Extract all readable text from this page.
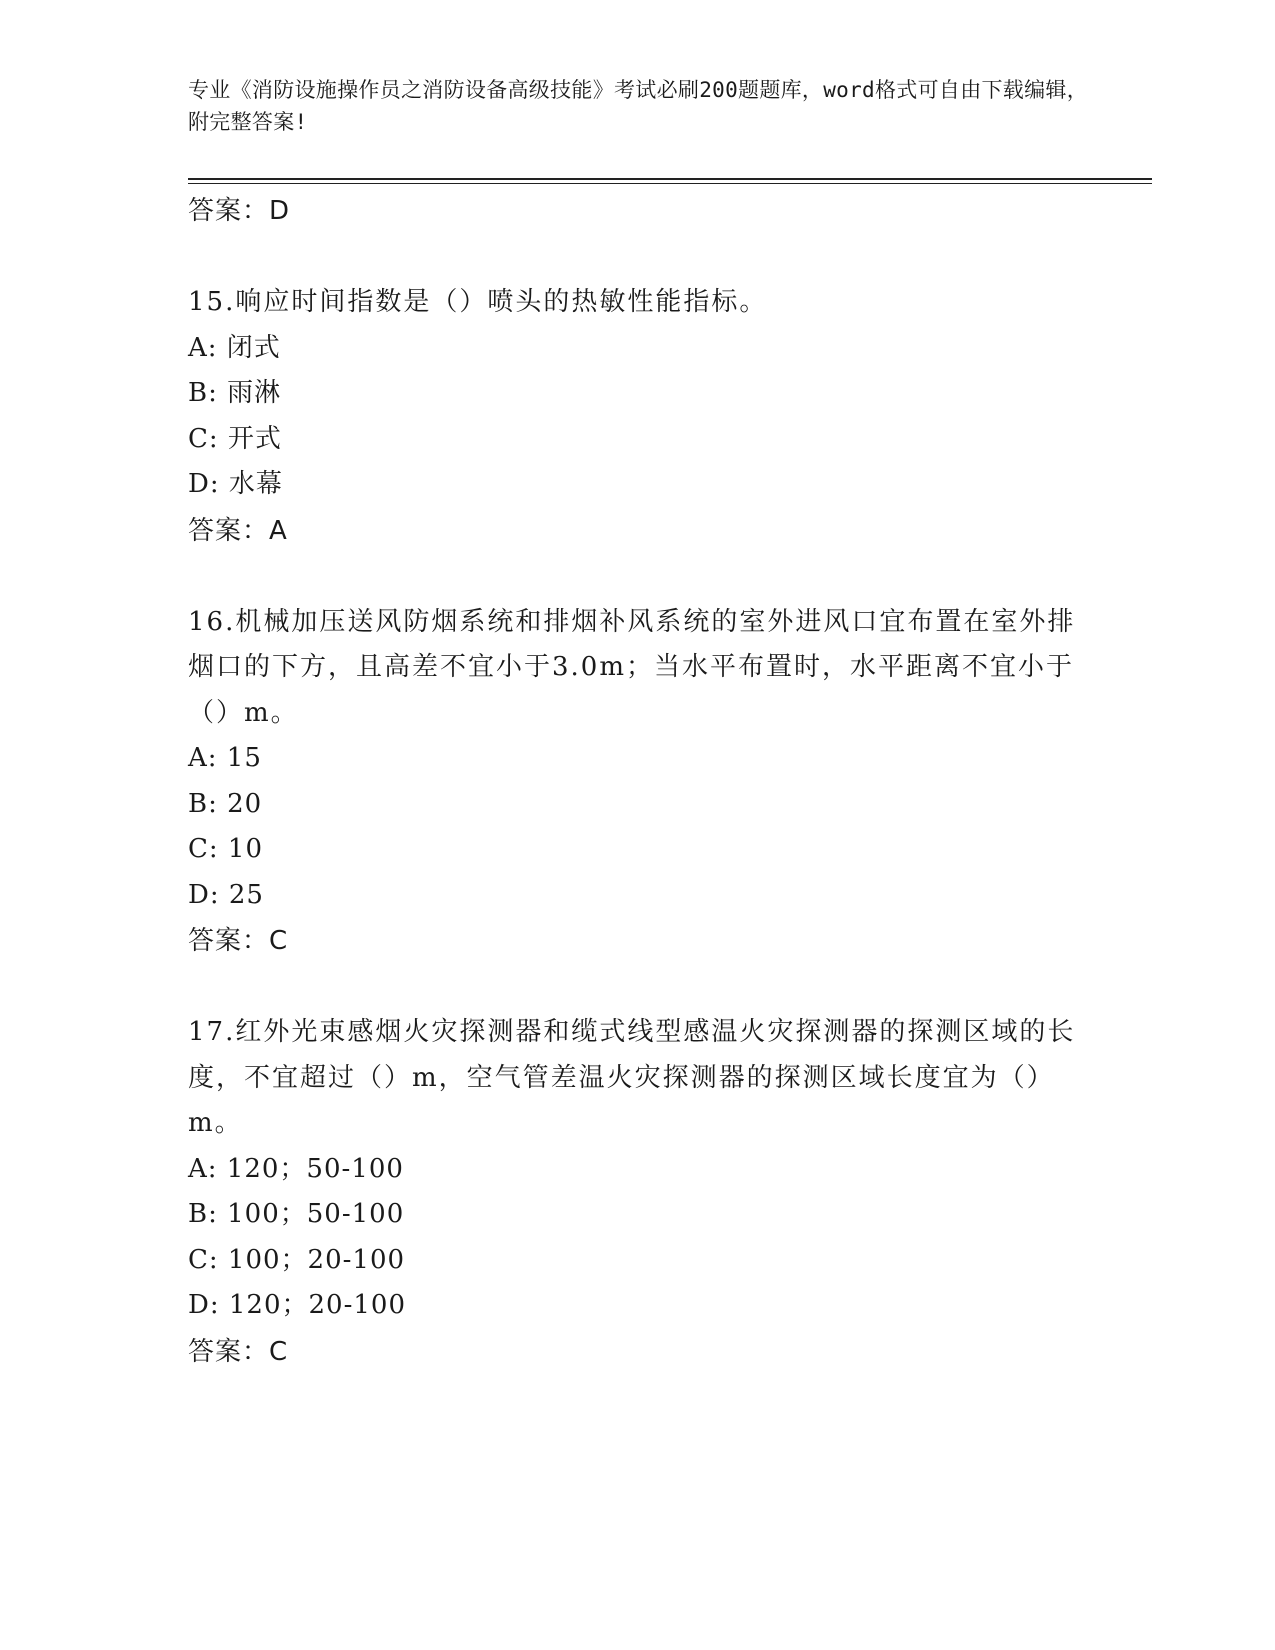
专业《消防设施操作员之消防设备高级技能》考试必刷200题题库，word格式可自由下载编辑，附完整答案!
答案：D
15.响应时间指数是（）喷头的热敏性能指标。
A: 闭式
B: 雨淋
C: 开式
D: 水幕
答案：A
16.机械加压送风防烟系统和排烟补风系统的室外进风口宜布置在室外排烟口的下方，且高差不宜小于3.0m；当水平布置时，水平距离不宜小于（）m。
A: 15
B: 20
C: 10
D: 25
答案：C
17.红外光束感烟火灾探测器和缆式线型感温火灾探测器的探测区域的长度，不宜超过（）m，空气管差温火灾探测器的探测区域长度宜为（）m。
A: 120；50-100
B: 100；50-100
C: 100；20-100
D: 120；20-100
答案：C
